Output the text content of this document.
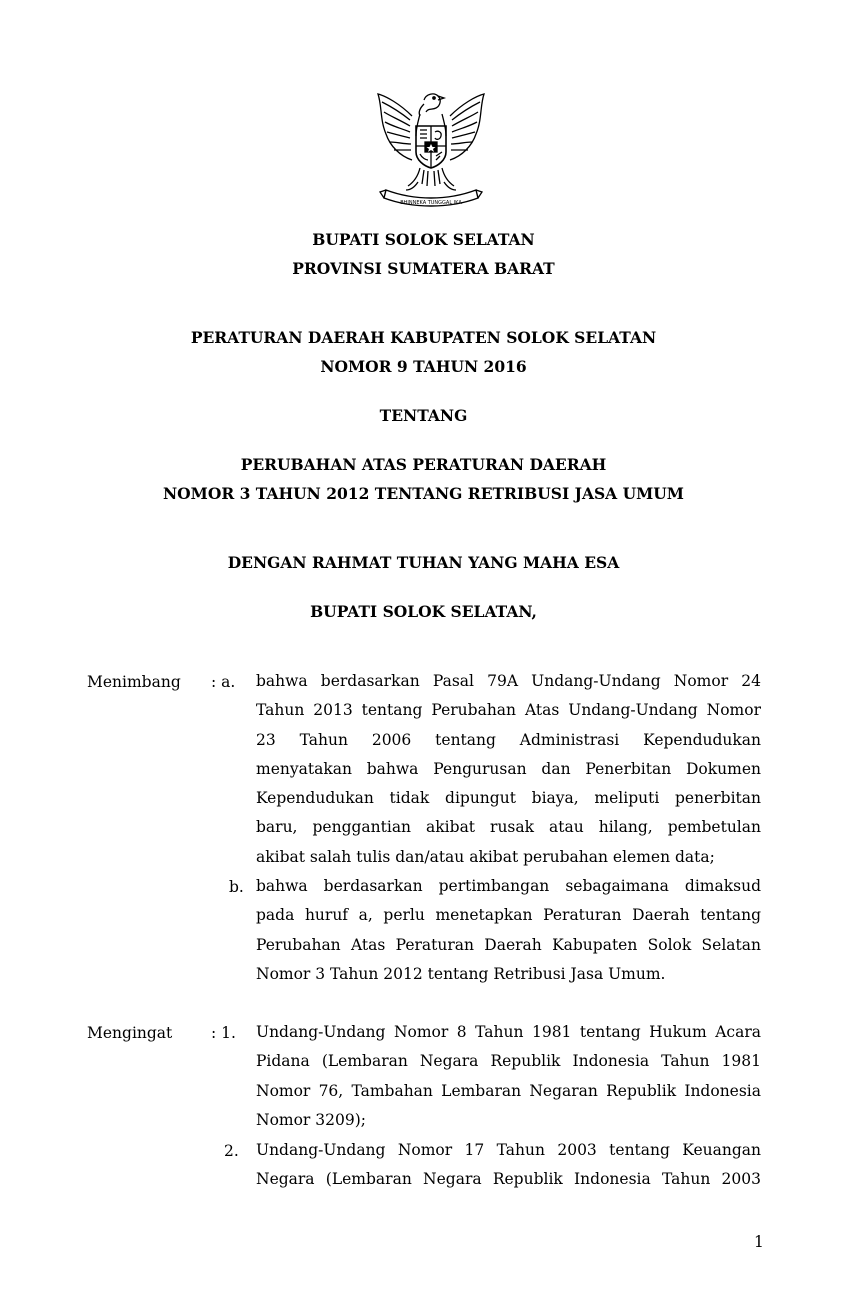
BHINNEKA TUNGGAL IKA
BUPATI SOLOK SELATAN
PROVINSI SUMATERA BARAT
PERATURAN DAERAH KABUPATEN SOLOK SELATAN
NOMOR 9 TAHUN 2016
TENTANG
PERUBAHAN ATAS PERATURAN DAERAH
NOMOR 3 TAHUN 2012 TENTANG RETRIBUSI JASA UMUM
DENGAN RAHMAT TUHAN YANG MAHA ESA
BUPATI SOLOK SELATAN,
Menimbang : a. bahwa berdasarkan Pasal 79A Undang-Undang Nomor 24
Tahun 2013 tentang Perubahan Atas Undang-Undang Nomor
23 Tahun 2006 tentang Administrasi Kependudukan
menyatakan bahwa Pengurusan dan Penerbitan Dokumen
Kependudukan tidak dipungut biaya, meliputi penerbitan
baru, penggantian akibat rusak atau hilang, pembetulan
akibat salah tulis dan/atau akibat perubahan elemen data;
b. bahwa berdasarkan pertimbangan sebagaimana dimaksud
pada huruf a, perlu menetapkan Peraturan Daerah tentang
Perubahan Atas Peraturan Daerah Kabupaten Solok Selatan
Nomor 3 Tahun 2012 tentang Retribusi Jasa Umum.
Mengingat : 1. Undang-Undang Nomor 8 Tahun 1981 tentang Hukum Acara
Pidana (Lembaran Negara Republik Indonesia Tahun 1981
Nomor 76, Tambahan Lembaran Negaran Republik Indonesia
Nomor 3209);
2. Undang-Undang Nomor 17 Tahun 2003 tentang Keuangan
Negara (Lembaran Negara Republik Indonesia Tahun 2003
1
